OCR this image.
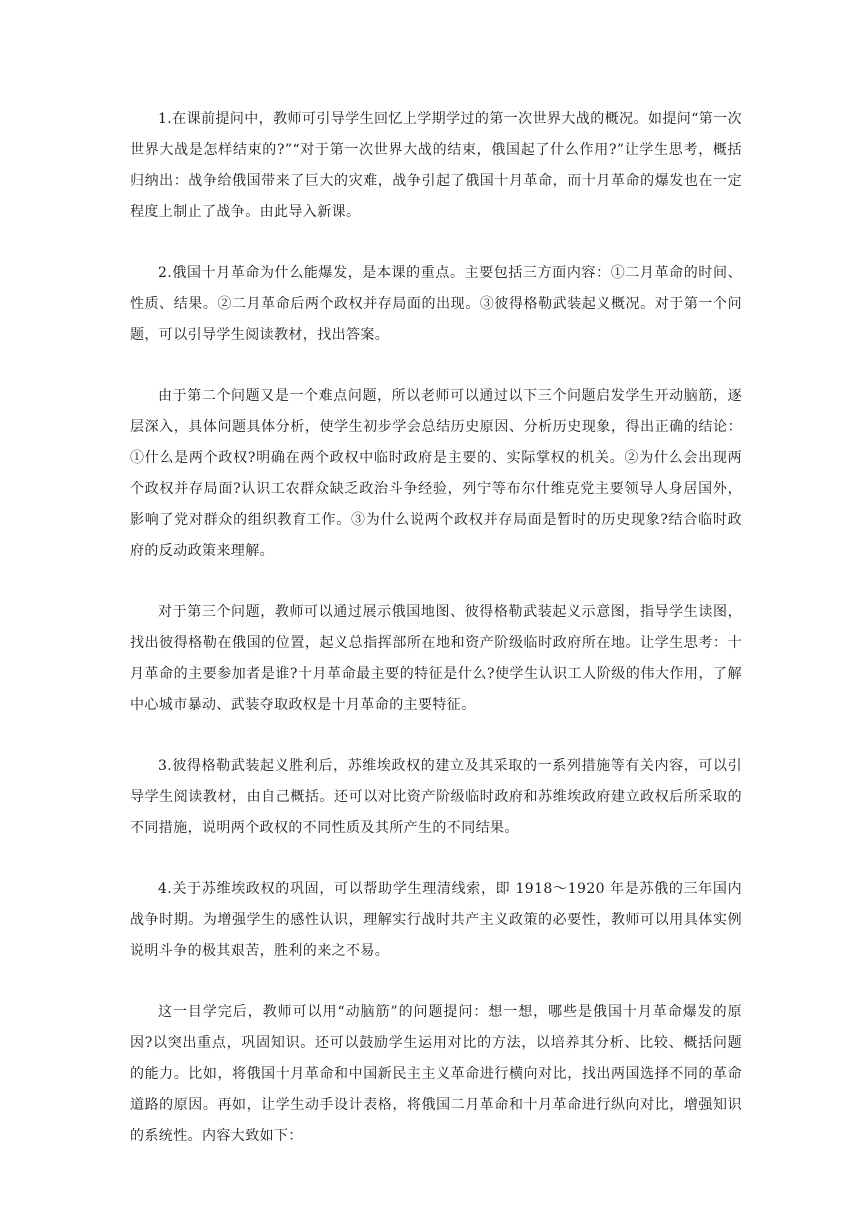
1.在课前提问中，教师可引导学生回忆上学期学过的第一次世界大战的概况。如提问“第一次世界大战是怎样结束的?”“对于第一次世界大战的结束，俄国起了什么作用?”让学生思考，概括归纳出：战争给俄国带来了巨大的灾难，战争引起了俄国十月革命，而十月革命的爆发也在一定程度上制止了战争。由此导入新课。

2.俄国十月革命为什么能爆发，是本课的重点。主要包括三方面内容：①二月革命的时间、性质、结果。②二月革命后两个政权并存局面的出现。③彼得格勒武装起义概况。对于第一个问题，可以引导学生阅读教材，找出答案。

由于第二个问题又是一个难点问题，所以老师可以通过以下三个问题启发学生开动脑筋，逐层深入，具体问题具体分析，使学生初步学会总结历史原因、分析历史现象，得出正确的结论：①什么是两个政权?明确在两个政权中临时政府是主要的、实际掌权的机关。②为什么会出现两个政权并存局面?认识工农群众缺乏政治斗争经验，列宁等布尔什维克党主要领导人身居国外，影响了党对群众的组织教育工作。③为什么说两个政权并存局面是暂时的历史现象?结合临时政府的反动政策来理解。

对于第三个问题，教师可以通过展示俄国地图、彼得格勒武装起义示意图，指导学生读图，找出彼得格勒在俄国的位置，起义总指挥部所在地和资产阶级临时政府所在地。让学生思考：十月革命的主要参加者是谁?十月革命最主要的特征是什么?使学生认识工人阶级的伟大作用，了解中心城市暴动、武装夺取政权是十月革命的主要特征。

3.彼得格勒武装起义胜利后，苏维埃政权的建立及其采取的一系列措施等有关内容，可以引导学生阅读教材，由自己概括。还可以对比资产阶级临时政府和苏维埃政府建立政权后所采取的不同措施，说明两个政权的不同性质及其所产生的不同结果。

4.关于苏维埃政权的巩固，可以帮助学生理清线索，即 1918～1920 年是苏俄的三年国内战争时期。为增强学生的感性认识，理解实行战时共产主义政策的必要性，教师可以用具体实例说明斗争的极其艰苦，胜利的来之不易。

这一目学完后，教师可以用“动脑筋”的问题提问：想一想，哪些是俄国十月革命爆发的原因?以突出重点，巩固知识。还可以鼓励学生运用对比的方法，以培养其分析、比较、概括问题的能力。比如，将俄国十月革命和中国新民主主义革命进行横向对比，找出两国选择不同的革命道路的原因。再如，让学生动手设计表格，将俄国二月革命和十月革命进行纵向对比，增强知识的系统性。内容大致如下：
